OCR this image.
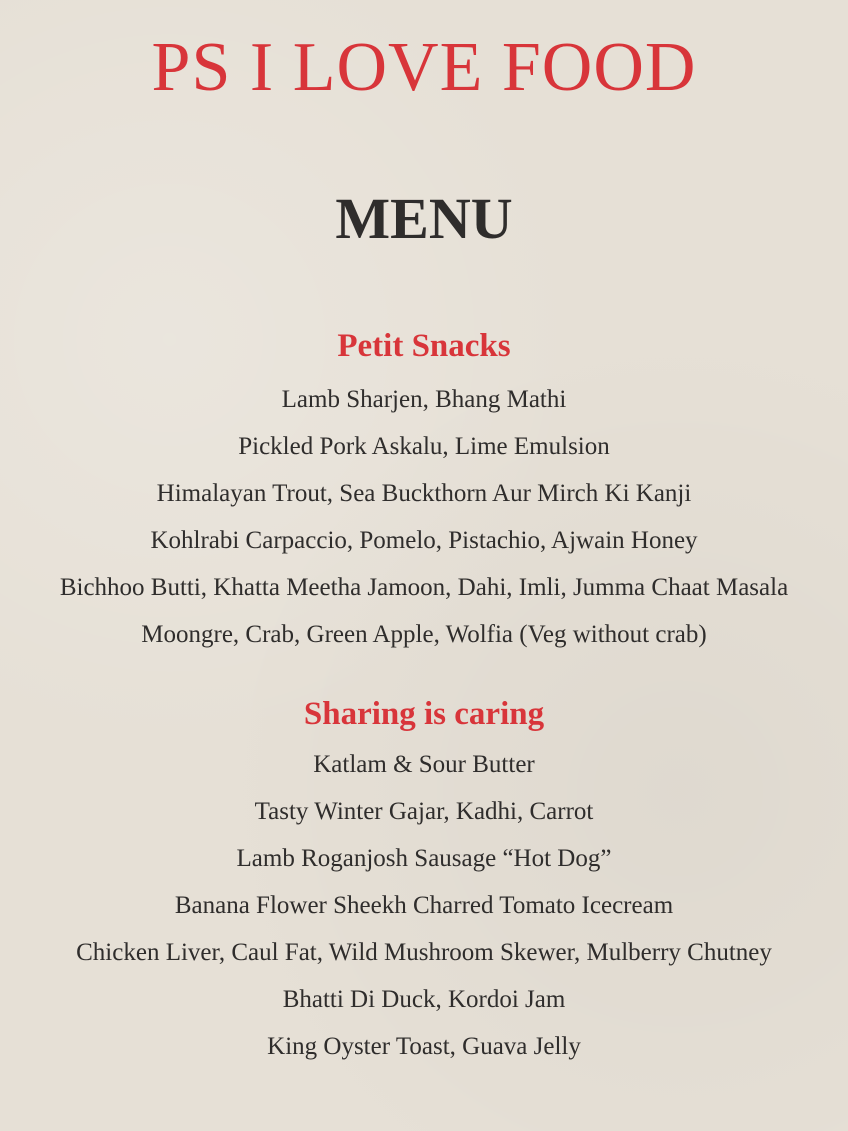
PS I LOVE FOOD
MENU
Petit Snacks
Lamb Sharjen, Bhang Mathi
Pickled Pork Askalu, Lime Emulsion
Himalayan Trout, Sea Buckthorn Aur Mirch Ki Kanji
Kohlrabi Carpaccio, Pomelo, Pistachio, Ajwain Honey
Bichhoo Butti, Khatta Meetha Jamoon, Dahi, Imli, Jumma Chaat Masala
Moongre, Crab, Green Apple, Wolfia (Veg without crab)
Sharing is caring
Katlam & Sour Butter
Tasty Winter Gajar, Kadhi, Carrot
Lamb Roganjosh Sausage “Hot Dog”
Banana Flower Sheekh Charred Tomato Icecream
Chicken Liver, Caul Fat, Wild Mushroom Skewer, Mulberry Chutney
Bhatti Di Duck, Kordoi Jam
King Oyster Toast, Guava Jelly
